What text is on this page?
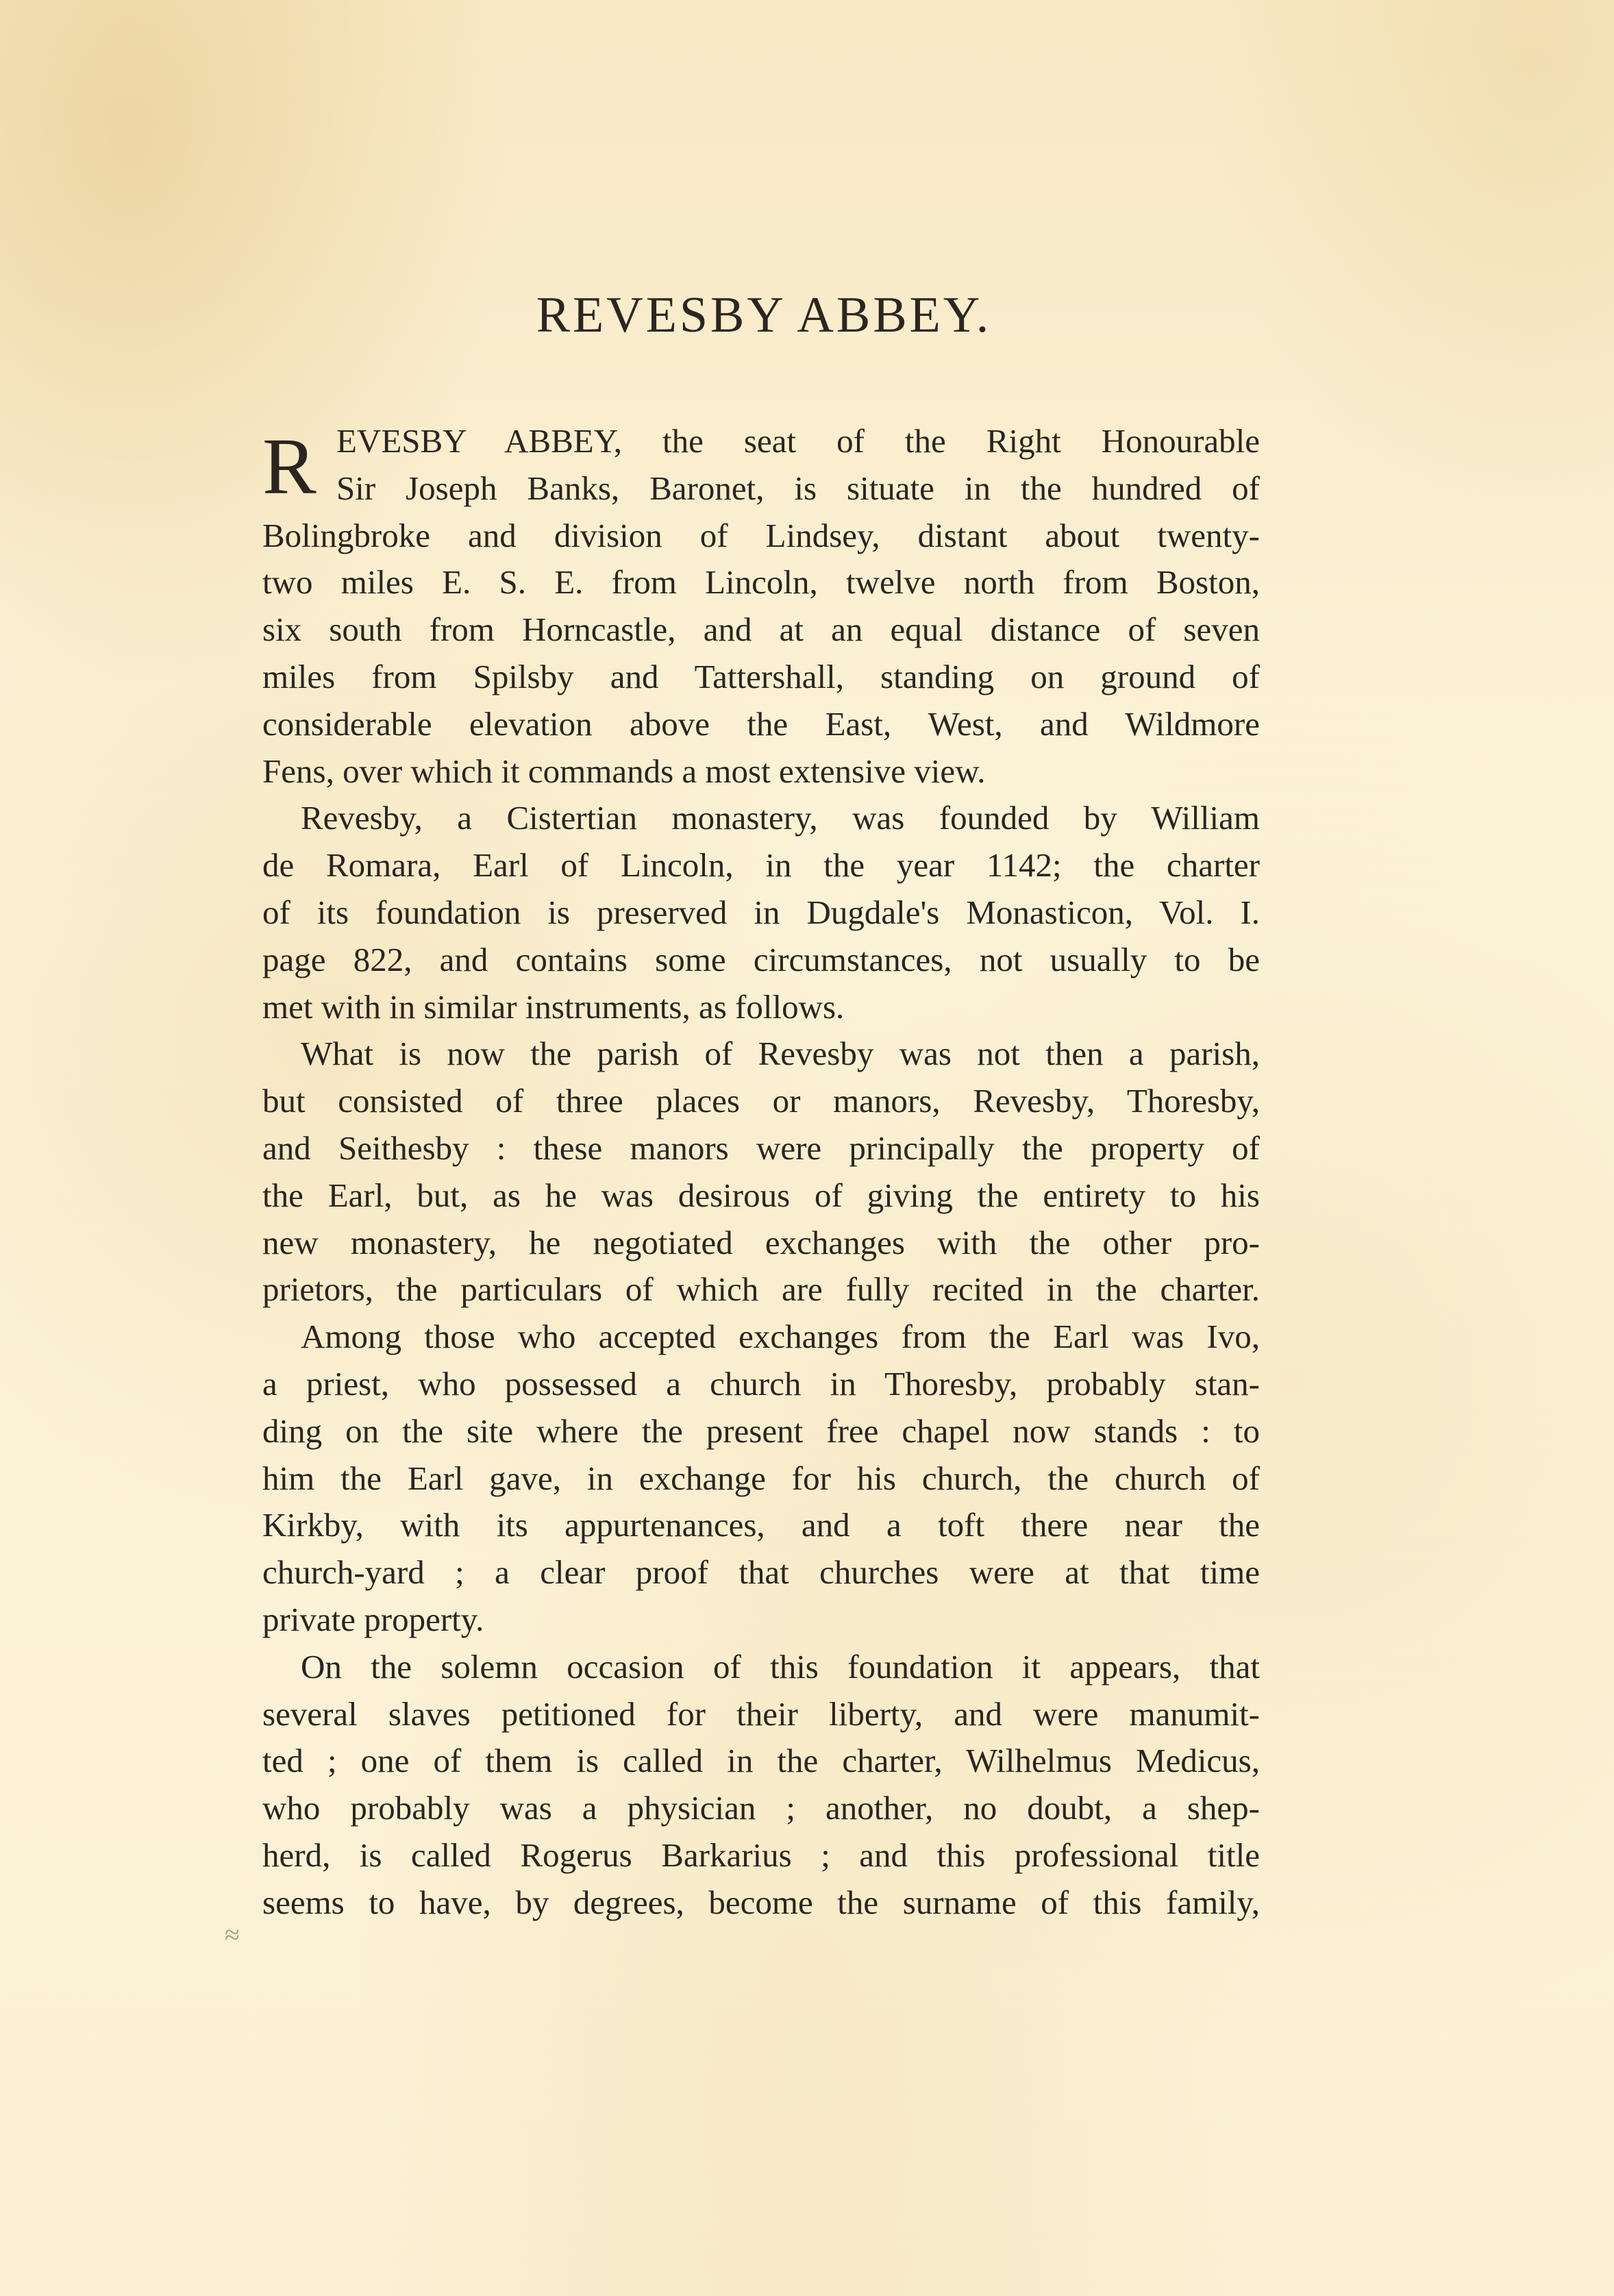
REVESBY ABBEY.
R EVESBY ABBEY, the seat of the Right Honourable
Sir Joseph Banks, Baronet, is situate in the hundred of
Bolingbroke and division of Lindsey, distant about twenty-
two miles E. S. E. from Lincoln, twelve north from Boston,
six south from Horncastle, and at an equal distance of seven
miles from Spilsby and Tattershall, standing on ground of
considerable elevation above the East, West, and Wildmore
Fens, over which it commands a most extensive view.
Revesby, a Cistertian monastery, was founded by William
de Romara, Earl of Lincoln, in the year 1142; the charter
of its foundation is preserved in Dugdale's Monasticon, Vol. I.
page 822, and contains some circumstances, not usually to be
met with in similar instruments, as follows.
What is now the parish of Revesby was not then a parish,
but consisted of three places or manors, Revesby, Thoresby,
and Seithesby : these manors were principally the property of
the Earl, but, as he was desirous of giving the entirety to his
new monastery, he negotiated exchanges with the other pro-
prietors, the particulars of which are fully recited in the charter.
Among those who accepted exchanges from the Earl was Ivo,
a priest, who possessed a church in Thoresby, probably stan-
ding on the site where the present free chapel now stands : to
him the Earl gave, in exchange for his church, the church of
Kirkby, with its appurtenances, and a toft there near the
church-yard ; a clear proof that churches were at that time
private property.
On the solemn occasion of this foundation it appears, that
several slaves petitioned for their liberty, and were manumit-
ted ; one of them is called in the charter, Wilhelmus Medicus,
who probably was a physician ; another, no doubt, a shep-
herd, is called Rogerus Barkarius ; and this professional title
seems to have, by degrees, become the surname of this family,
≈
